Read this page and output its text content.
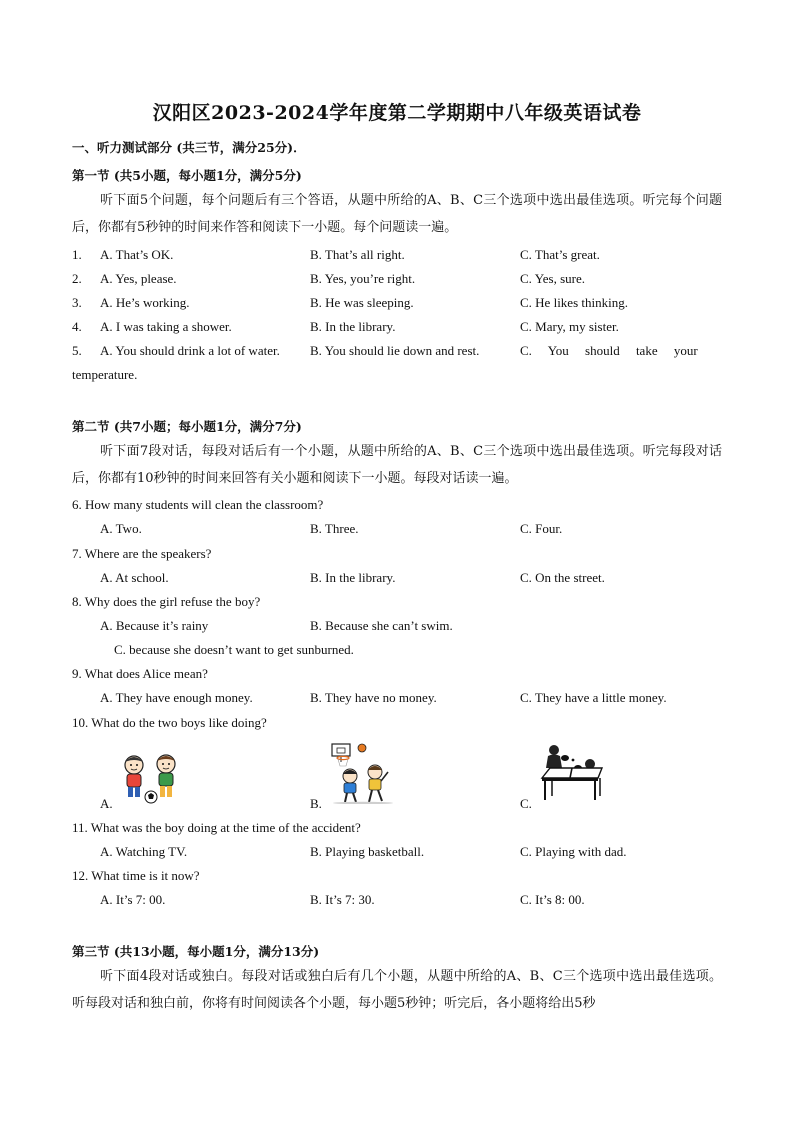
汉阳区2023-2024学年度第二学期期中八年级英语试卷
一、听力测试部分 (共三节，满分25分)．
第一节 (共5小题，每小题1分，满分5分)
听下面5个问题，每个问题后有三个答语，从题中所给的A、B、C三个选项中选出最佳选项。听完每个问题后，你都有5秒钟的时间来作答和阅读下一小题。每个问题读一遍。
1. A. That’s OK.	B. That’s all right.	C. That’s great.
2. A. Yes, please.	B. Yes, you’re right.	C. Yes, sure.
3. A. He’s working.	B. He was sleeping.	C. He likes thinking.
4. A. I was taking a shower.	B. In the library.	C. Mary, my sister.
5. A. You should drink a lot of water. B. You should lie down and rest.	C.     You     should     take     your
temperature.
第二节 (共7小题；每小题1分，满分7分)
听下面7段对话，每段对话后有一个小题，从题中所给的A、B、C三个选项中选出最佳选项。听完每段对话后，你都有10秒钟的时间来回答有关小题和阅读下一小题。每段对话读一遍。
6. How many students will clean the classroom?
A. Two.	B. Three.	C. Four.
7. Where are the speakers?
A. At school.	B. In the library.	C. On the street.
8. Why does the girl refuse the boy?
A. Because it’s rainy	B. Because she can’t swim.
C. because she doesn’t want to get sunburned.
9. What does Alice mean?
A. They have enough money.	B. They have no money.	C. They have a little money.
10. What do the two boys like doing?
A.	B.	C.
11. What was the boy doing at the time of the accident?
A. Watching TV.	B. Playing basketball.	C. Playing with dad.
12. What time is it now?
A. It’s 7: 00.	B. It’s 7: 30.	C. It’s 8: 00.
第三节 (共13小题，每小题1分，满分13分)
听下面4段对话或独白。每段对话或独白后有几个小题，从题中所给的A、B、C三个选项中选出最佳选项。听每段对话和独白前，你将有时间阅读各个小题，每小题5秒钟；听完后，各小题将给出5秒
